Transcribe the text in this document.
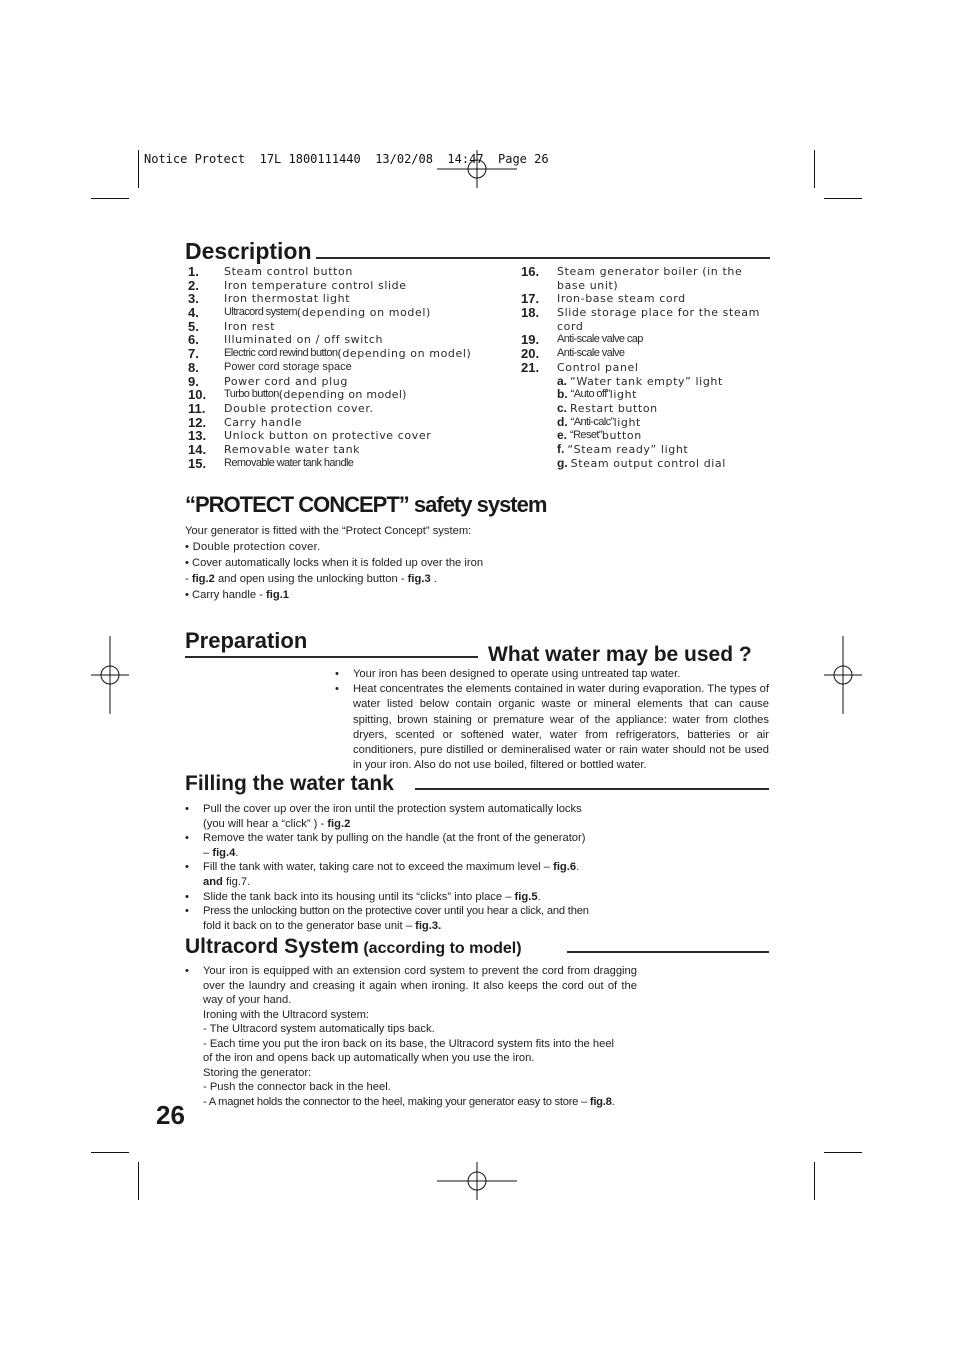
Notice Protect  17L 1800111440  13/02/08  14:47  Page 26
Description
1.	Steam control button
2.	Iron temperature control slide
3.	Iron thermostat light
4.	Ultracord system (depending on model)
5.	Iron rest
6.	Illuminated on / off switch
7.	Electric cord rewind button (depending on model)
8.	Power cord storage space
9.	Power cord and plug
10.	Turbo button (depending on model)
11.	Double protection cover.
12.	Carry handle
13.	Unlock button on protective cover
14.	Removable water tank
15.	Removable water tank handle
16.	Steam generator boiler (in the
base unit)
17.	Iron-base steam cord
18.	Slide storage place for the steam
cord
19.	Anti-scale valve cap
20.	Anti-scale valve
21.	Control panel
a. “Water tank empty” light
b. “Auto off” light
c. Restart button
d. “Anti-calc” light
e. “Reset” button
f. “Steam ready” light
g. Steam output control dial
“PROTECT CONCEPT” safety system
Your generator is fitted with the “Protect Concept” system:
• Double protection cover.
• Cover automatically locks when it is folded up over the iron
- fig.2 and open using the unlocking button - fig.3 .
• Carry handle - fig.1
Preparation
What water may be used ?
• Your iron has been designed to operate using untreated tap water.
• Heat concentrates the elements contained in water during evaporation. The types of water listed below contain organic waste or mineral elements that can cause spitting, brown staining or premature wear of the appliance: water from clothes dryers, scented or softened water, water from refrigerators, batteries or air conditioners, pure distilled or demineralised water or rain water should not be used in your iron. Also do not use boiled, filtered or bottled water.
Filling the water tank
• Pull the cover up over the iron until the protection system automatically locks
(you will hear a “click” ) - fig.2
• Remove the water tank by pulling on the handle (at the front of the generator)
– fig.4.
• Fill the tank with water, taking care not to exceed the maximum level – fig.6.
and fig.7.
• Slide the tank back into its housing until its “clicks” into place – fig.5.
• Press the unlocking button on the protective cover until you hear a click, and then
fold it back on to the generator base unit – fig.3.
Ultracord System (according to model)
• Your iron is equipped with an extension cord system to prevent the cord from dragging over the laundry and creasing it again when ironing. It also keeps the cord out of the way of your hand.
Ironing with the Ultracord system:
- The Ultracord system automatically tips back.
- Each time you put the iron back on its base, the Ultracord system fits into the heel
of the iron and opens back up automatically when you use the iron.
Storing the generator:
- Push the connector back in the heel.
- A magnet holds the connector to the heel, making your generator easy to store – fig.8.
26
